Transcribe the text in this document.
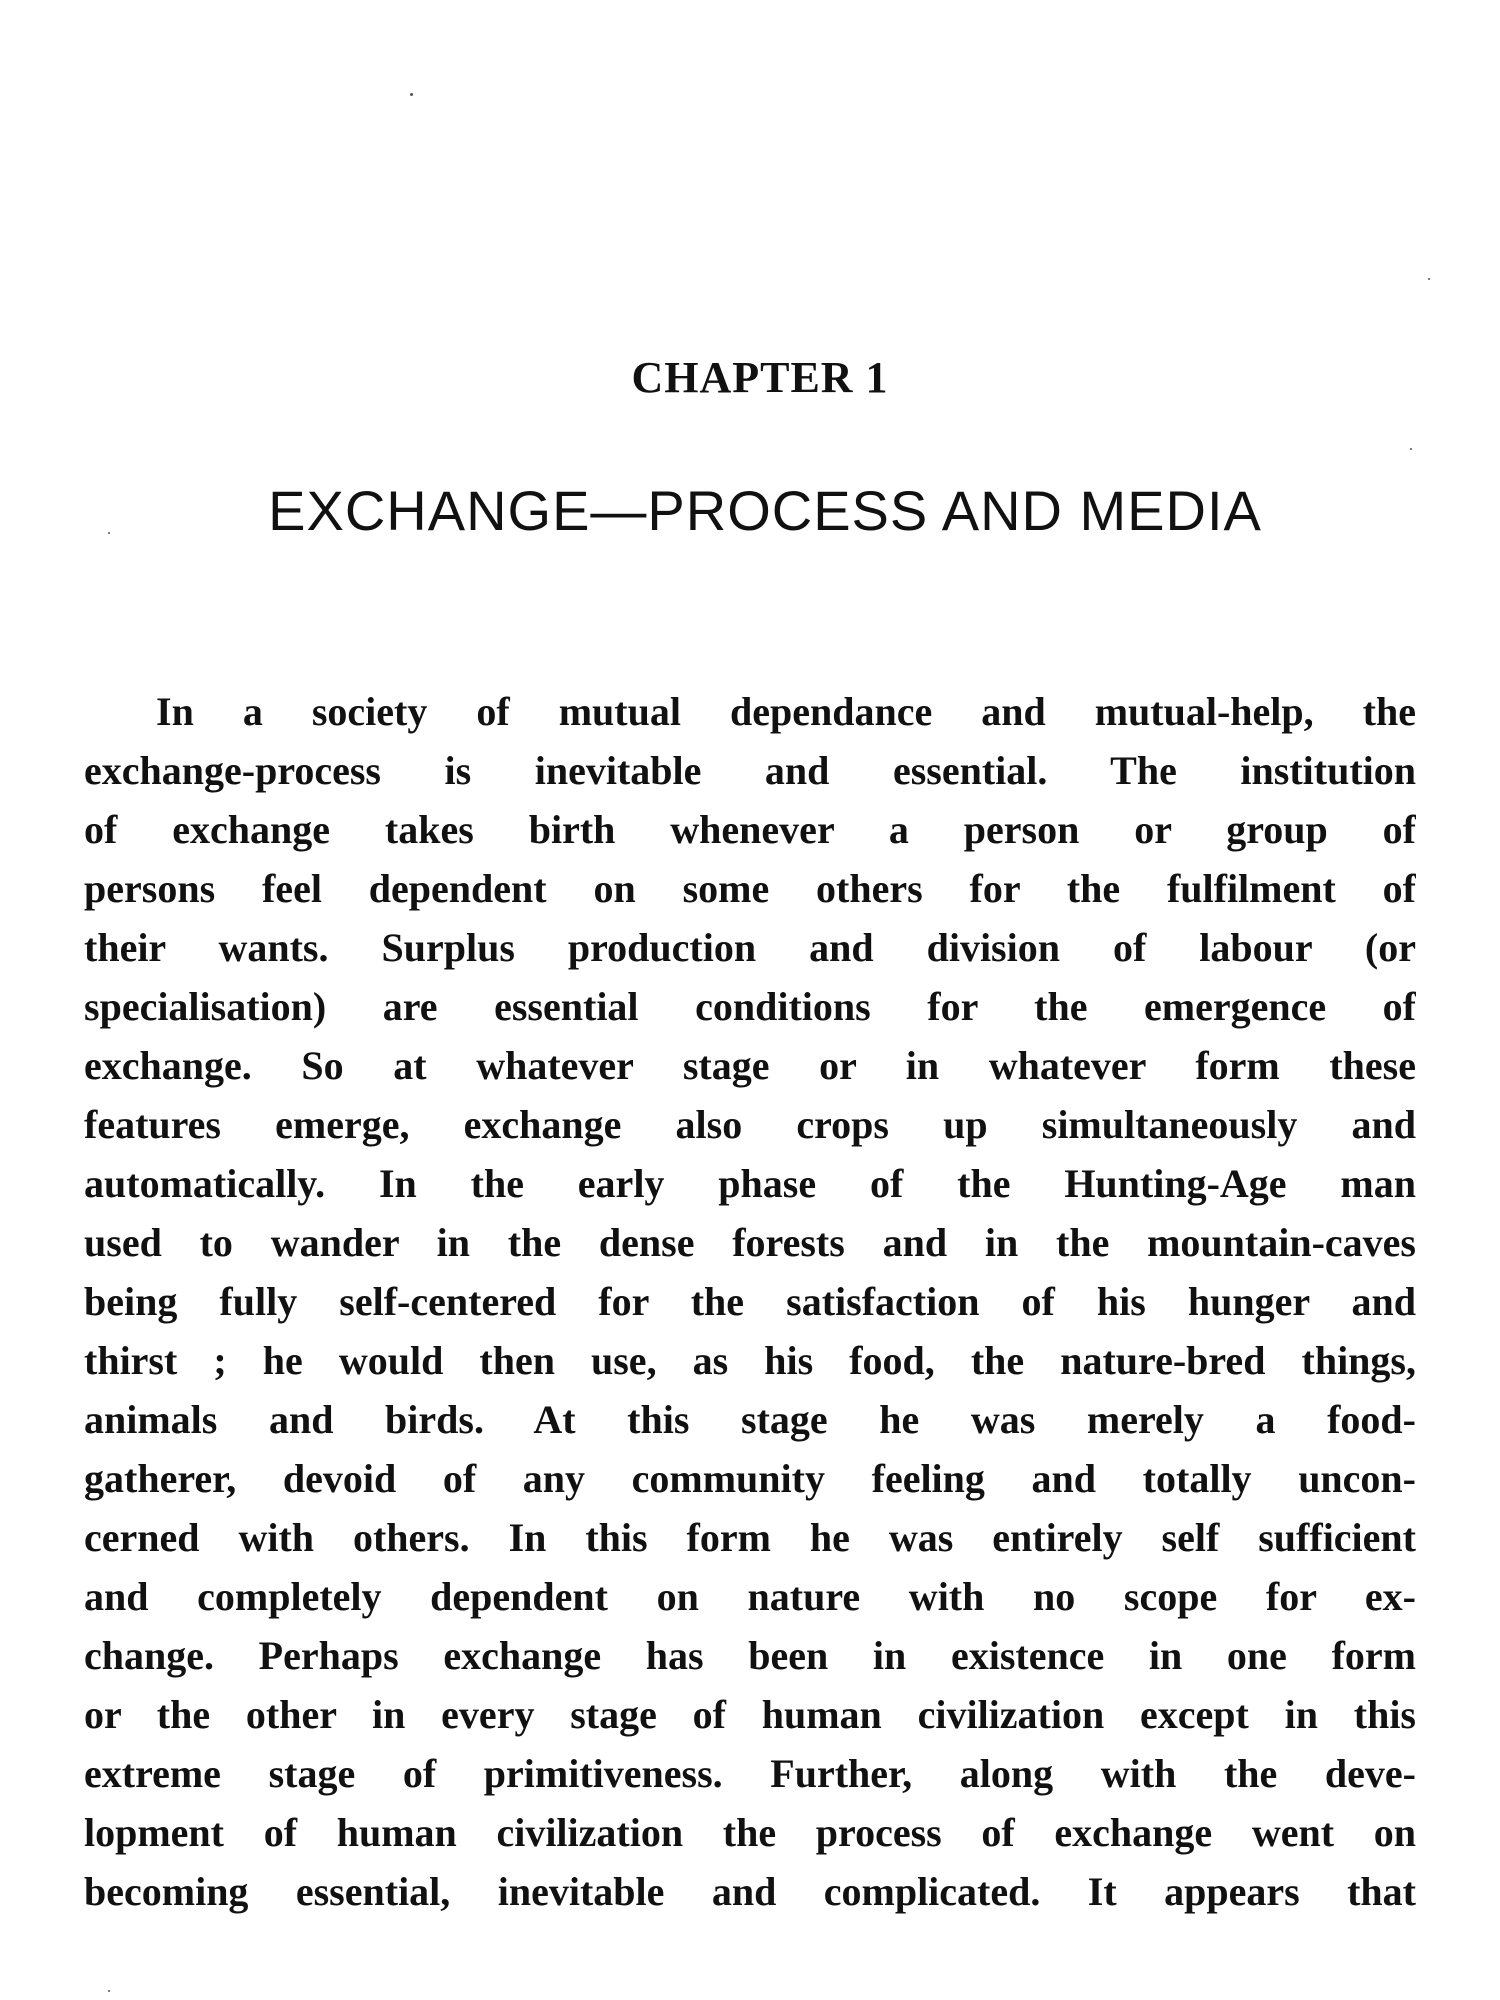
CHAPTER 1
EXCHANGE—PROCESS AND MEDIA
In a society of mutual dependance and mutual-help, the
exchange-process is inevitable and essential. The institution
of exchange takes birth whenever a person or group of
persons feel dependent on some others for the fulfilment of
their wants. Surplus production and division of labour (or
specialisation) are essential conditions for the emergence of
exchange. So at whatever stage or in whatever form these
features emerge, exchange also crops up simultaneously and
automatically. In the early phase of the Hunting-Age man
used to wander in the dense forests and in the mountain-caves
being fully self-centered for the satisfaction of his hunger and
thirst ; he would then use, as his food, the nature-bred things,
animals and birds. At this stage he was merely a food-
gatherer, devoid of any community feeling and totally uncon-
cerned with others. In this form he was entirely self sufficient
and completely dependent on nature with no scope for ex-
change. Perhaps exchange has been in existence in one form
or the other in every stage of human civilization except in this
extreme stage of primitiveness. Further, along with the deve-
lopment of human civilization the process of exchange went on
becoming essential, inevitable and complicated. It appears that
